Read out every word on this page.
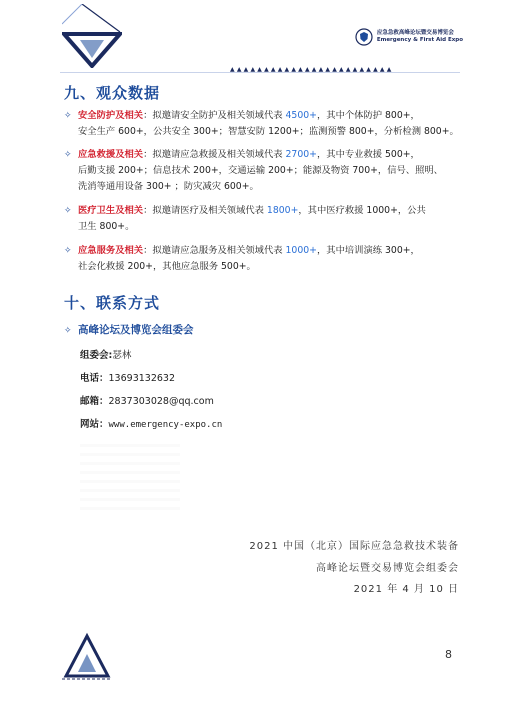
应急急救高峰论坛暨交易博览会
Emergency & First Aid Expo
▲▲▲▲▲▲▲▲▲▲▲▲▲▲▲▲▲▲▲▲▲▲▲▲
九、观众数据
✧ 安全防护及相关：拟邀请安全防护及相关领域代表 4500+，其中个体防护 800+，
安全生产 600+，公共安全 300+；智慧安防 1200+；监测预警 800+，分析检测 800+。
✧ 应急救援及相关：拟邀请应急救援及相关领域代表 2700+，其中专业救援 500+，
后勤支援 200+；信息技术 200+，交通运输 200+；能源及物资 700+，信号、照明、
洗消等通用设备 300+ ；防灾减灾 600+。
✧ 医疗卫生及相关：拟邀请医疗及相关领域代表 1800+，其中医疗救援 1000+，公共
卫生 800+。
✧ 应急服务及相关：拟邀请应急服务及相关领域代表 1000+，其中培训演练 300+，
社会化救援 200+，其他应急服务 500+。
十、联系方式
✧ 高峰论坛及博览会组委会
组委会:瑟林
电话：13693132632
邮箱：2837303028@qq.com
网站：www.emergency-expo.cn
2021 中国（北京）国际应急急救技术装备
高峰论坛暨交易博览会组委会
2021 年 4 月 10 日
8
